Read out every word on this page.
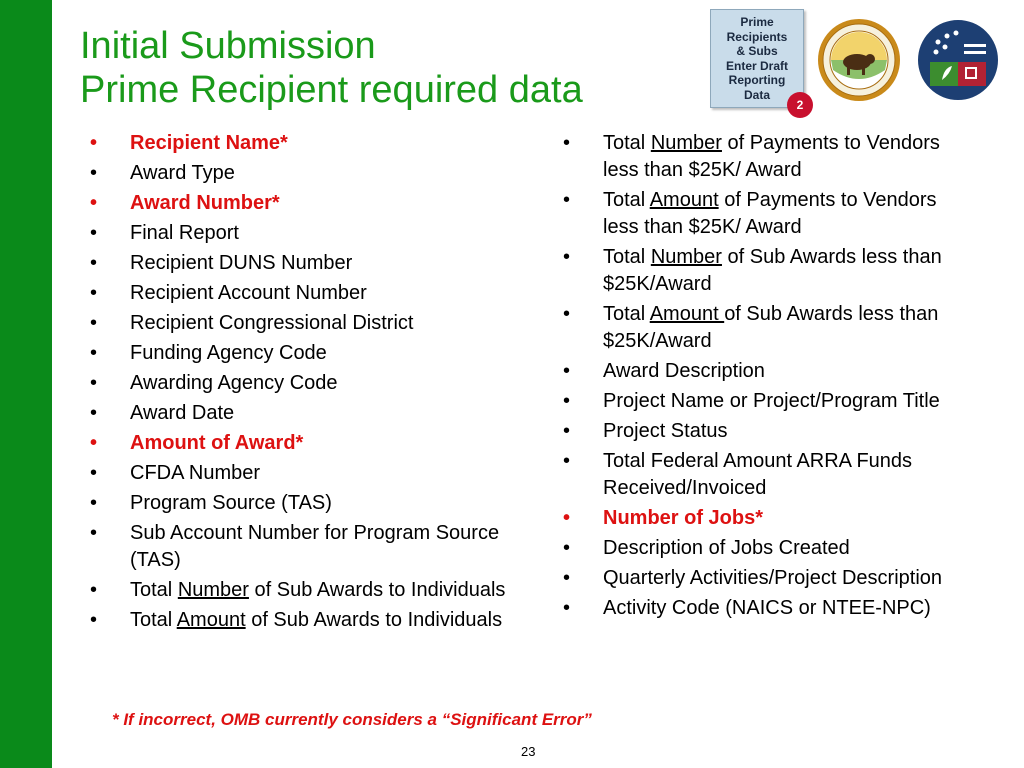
Initial Submission
Prime Recipient required data
Prime
Recipients
& Subs
Enter Draft
Reporting
Data
2
• Recipient Name*
• Award Type
• Award Number*
• Final Report
• Recipient DUNS Number
• Recipient Account Number
• Recipient Congressional District
• Funding Agency Code
• Awarding Agency Code
• Award Date
• Amount of Award*
• CFDA Number
• Program Source (TAS)
• Sub Account Number for Program Source (TAS)
• Total Number of Sub Awards to Individuals
• Total Amount of Sub Awards to Individuals
• Total Number of Payments to Vendors less than $25K/ Award
• Total Amount of Payments to Vendors less than $25K/ Award
• Total Number of Sub Awards less than $25K/Award
• Total Amount of Sub Awards less than $25K/Award
• Award Description
• Project Name or Project/Program Title
• Project Status
• Total Federal Amount ARRA Funds Received/Invoiced
• Number of Jobs*
• Description of Jobs Created
• Quarterly Activities/Project Description
• Activity Code (NAICS or NTEE-NPC)

* If incorrect, OMB currently considers a “Significant Error”

23
